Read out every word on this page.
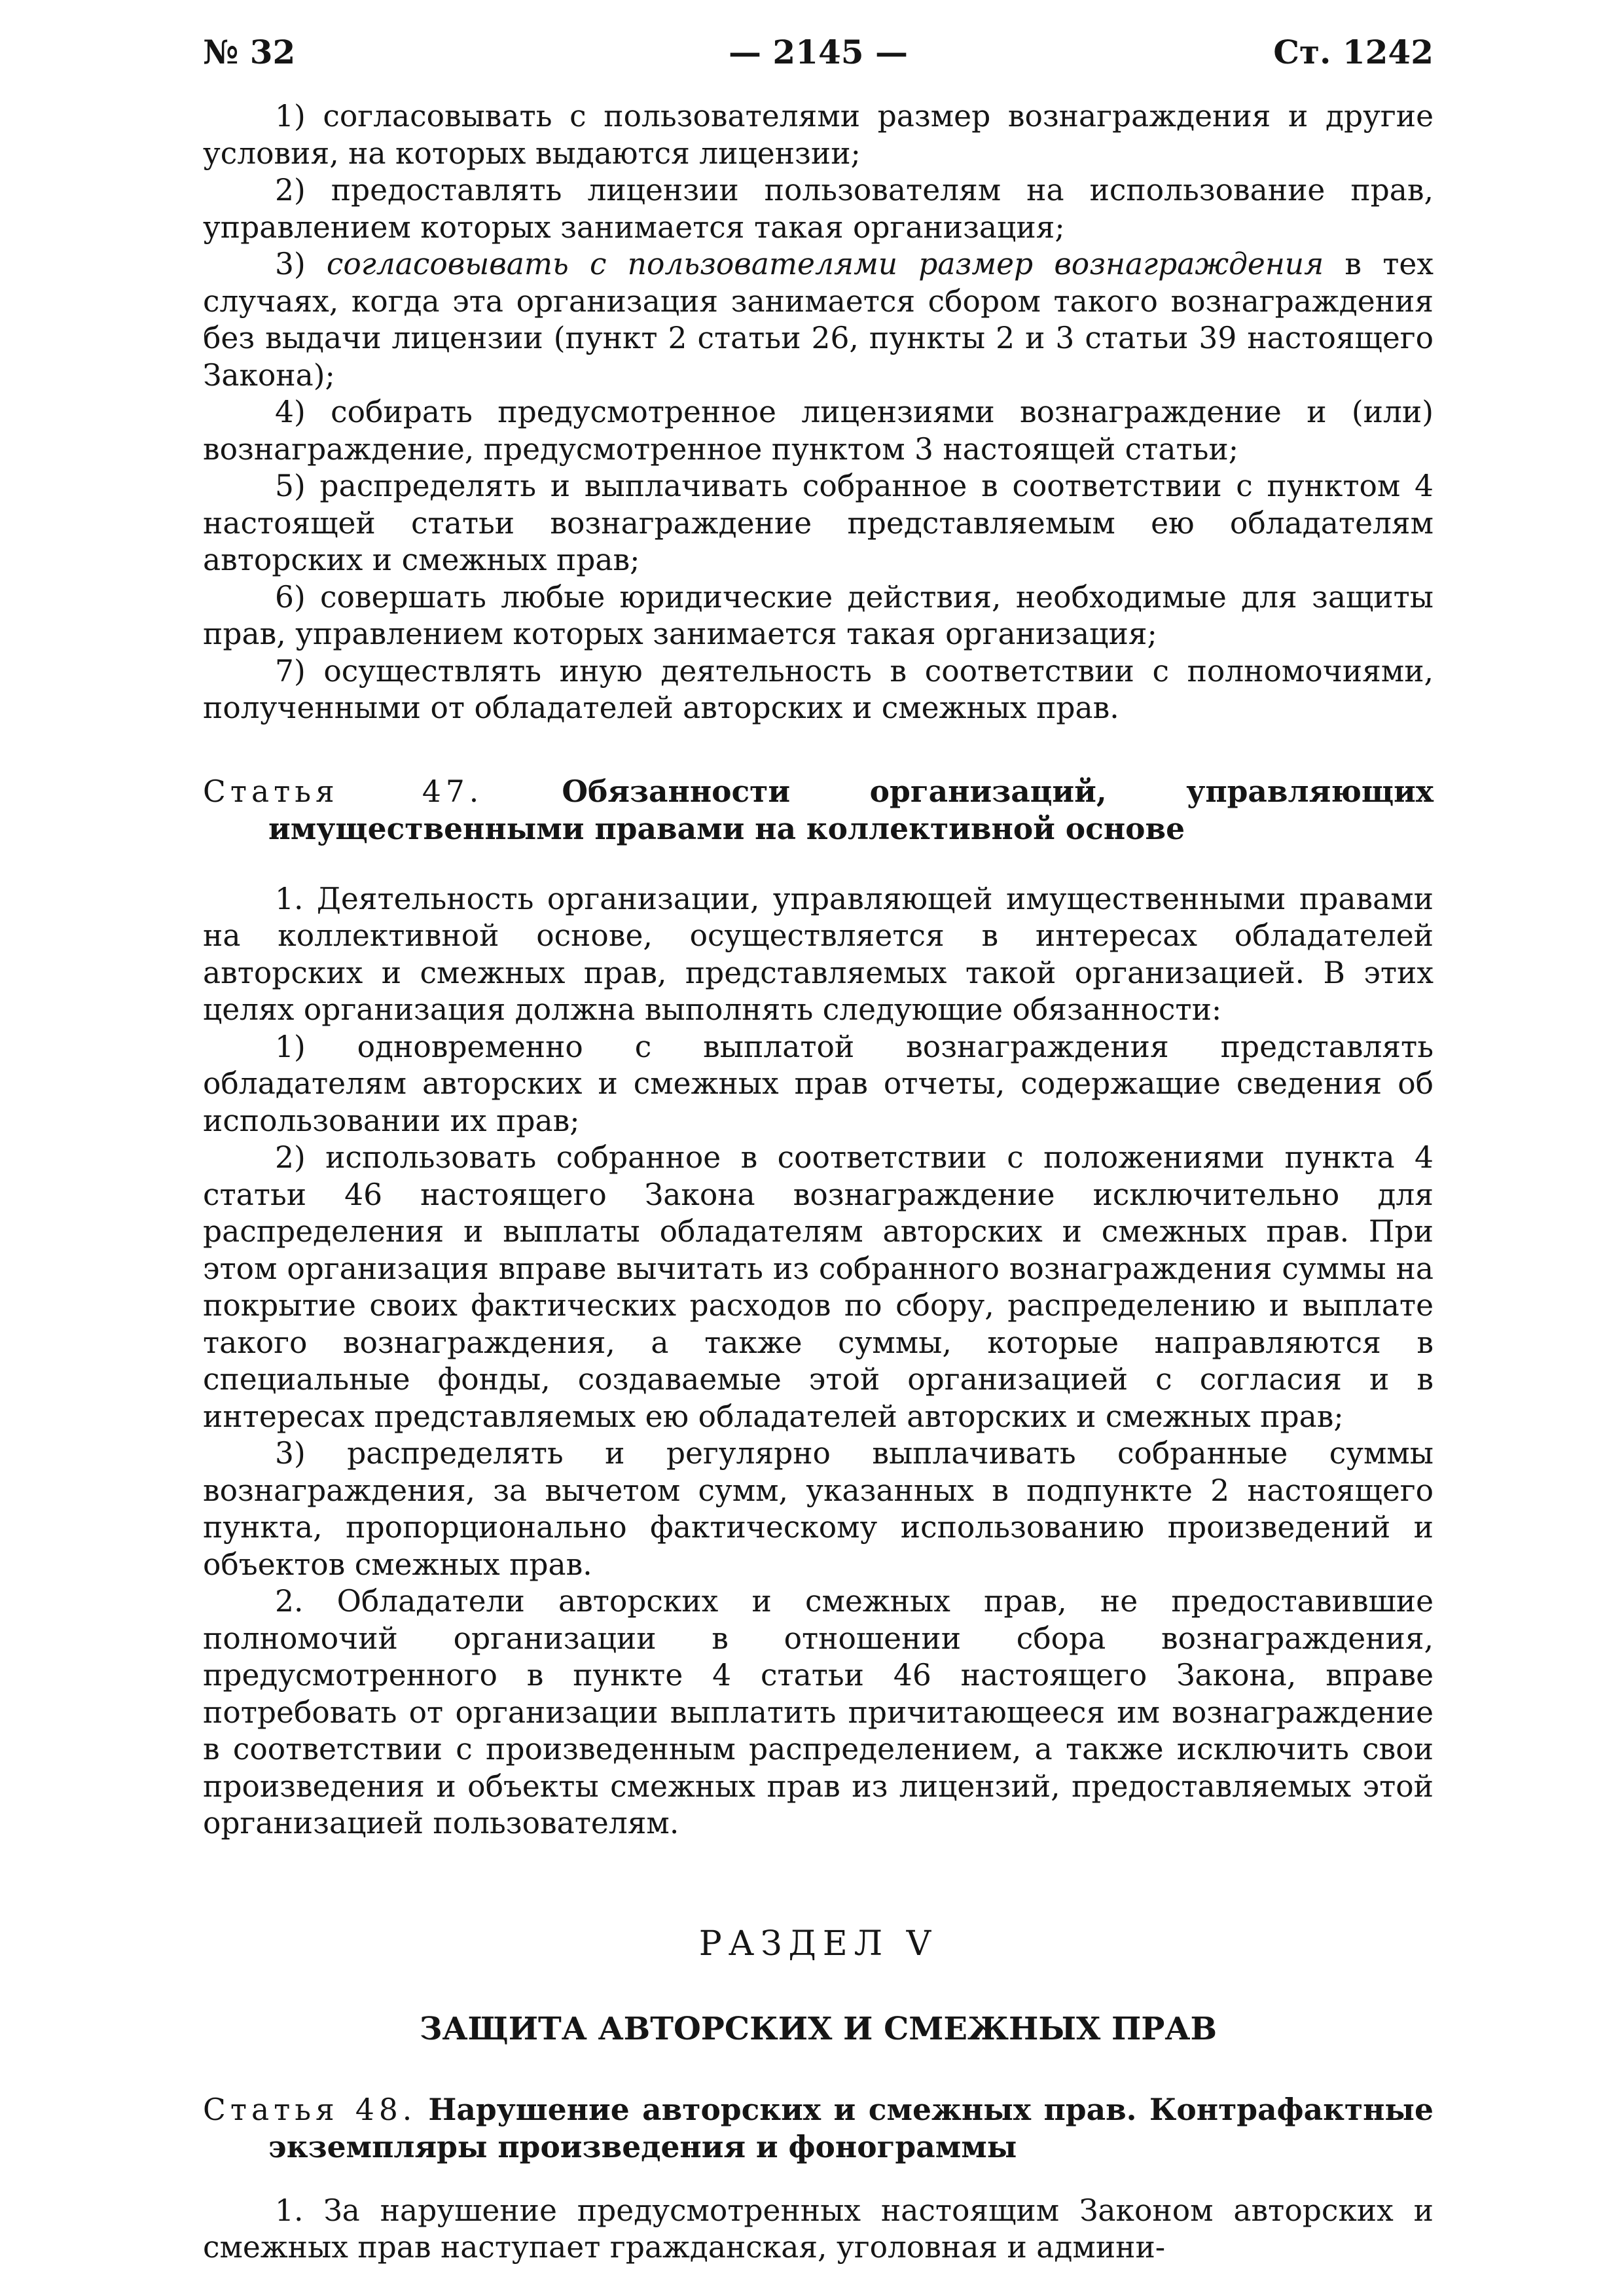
№ 32	— 2145 —	Ст. 1242

1) согласовывать с пользователями размер вознаграждения и другие условия, на которых выдаются лицензии;

2) предоставлять лицензии пользователям на использование прав, управлением которых занимается такая организация;

3) согласовывать с пользователями размер вознаграждения в тех случаях, когда эта организация занимается сбором такого вознаграждения без выдачи лицензии (пункт 2 статьи 26, пункты 2 и 3 статьи 39 настоящего Закона);

4) собирать предусмотренное лицензиями вознаграждение и (или) вознаграждение, предусмотренное пунктом 3 настоящей статьи;

5) распределять и выплачивать собранное в соответствии с пунктом 4 настоящей статьи вознаграждение представляемым ею обладателям авторских и смежных прав;

6) совершать любые юридические действия, необходимые для защиты прав, управлением которых занимается такая организация;

7) осуществлять иную деятельность в соответствии с полномочиями, полученными от обладателей авторских и смежных прав.

Статья 47.	Обязанности организаций, управляющих имущественными правами на коллективной основе

1. Деятельность организации, управляющей имущественными правами на коллективной основе, осуществляется в интересах обладателей авторских и смежных прав, представляемых такой организацией. В этих целях организация должна выполнять следующие обязанности:

1) одновременно с выплатой вознаграждения представлять обладателям авторских и смежных прав отчеты, содержащие сведения об использовании их прав;

2) использовать собранное в соответствии с положениями пункта 4 статьи 46 настоящего Закона вознаграждение исключительно для распределения и выплаты обладателям авторских и смежных прав. При этом организация вправе вычитать из собранного вознаграждения суммы на покрытие своих фактических расходов по сбору, распределению и выплате такого вознаграждения, а также суммы, которые направляются в специальные фонды, создаваемые этой организацией с согласия и в интересах представляемых ею обладателей авторских и смежных прав;

3) распределять и регулярно выплачивать собранные суммы вознаграждения, за вычетом сумм, указанных в подпункте 2 настоящего пункта, пропорционально фактическому использованию произведений и объектов смежных прав.

2. Обладатели авторских и смежных прав, не предоставившие полномочий организации в отношении сбора вознаграждения, предусмотренного в пункте 4 статьи 46 настоящего Закона, вправе потребовать от организации выплатить причитающееся им вознаграждение в соответствии с произведенным распределением, а также исключить свои произведения и объекты смежных прав из лицензий, предоставляемых этой организацией пользователям.

РАЗДЕЛ V
ЗАЩИТА АВТОРСКИХ И СМЕЖНЫХ ПРАВ
Статья 48. Нарушение авторских и смежных прав. Контрафактные экземпляры произведения и фонограммы

1. За нарушение предусмотренных настоящим Законом авторских и смежных прав наступает гражданская, уголовная и админи-
